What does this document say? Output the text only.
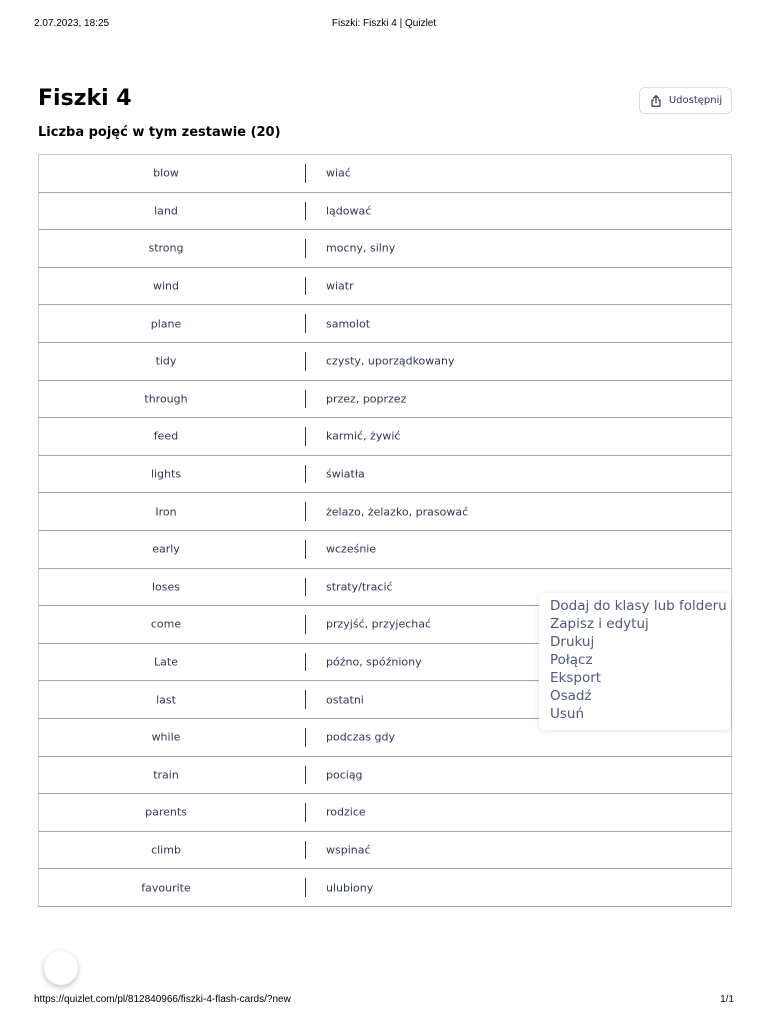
2.07.2023, 18:25	Fiszki: Fiszki 4 | Quizlet
Fiszki 4	Udostępnij
Liczba pojęć w tym zestawie (20)
blow	wiać
land	lądować
strong	mocny, silny
wind	wiatr
plane	samolot
tidy	czysty, uporządkowany
through	przez, poprzez
feed	karmić, żywić
lights	światła
Iron	żelazo, żelazko, prasować
early	wcześnie
loses	straty/tracić
come	przyjść, przyjechać
Late	późno, spóźniony
last	ostatni
while	podczas gdy
train	pociąg
parents	rodzice
climb	wspinać
favourite	ulubiony
Dodaj do klasy lub folderu
Zapisz i edytuj
Drukuj
Połącz
Eksport
Osadź
Usuń
https://quizlet.com/pl/812840966/fiszki-4-flash-cards/?new	1/1
